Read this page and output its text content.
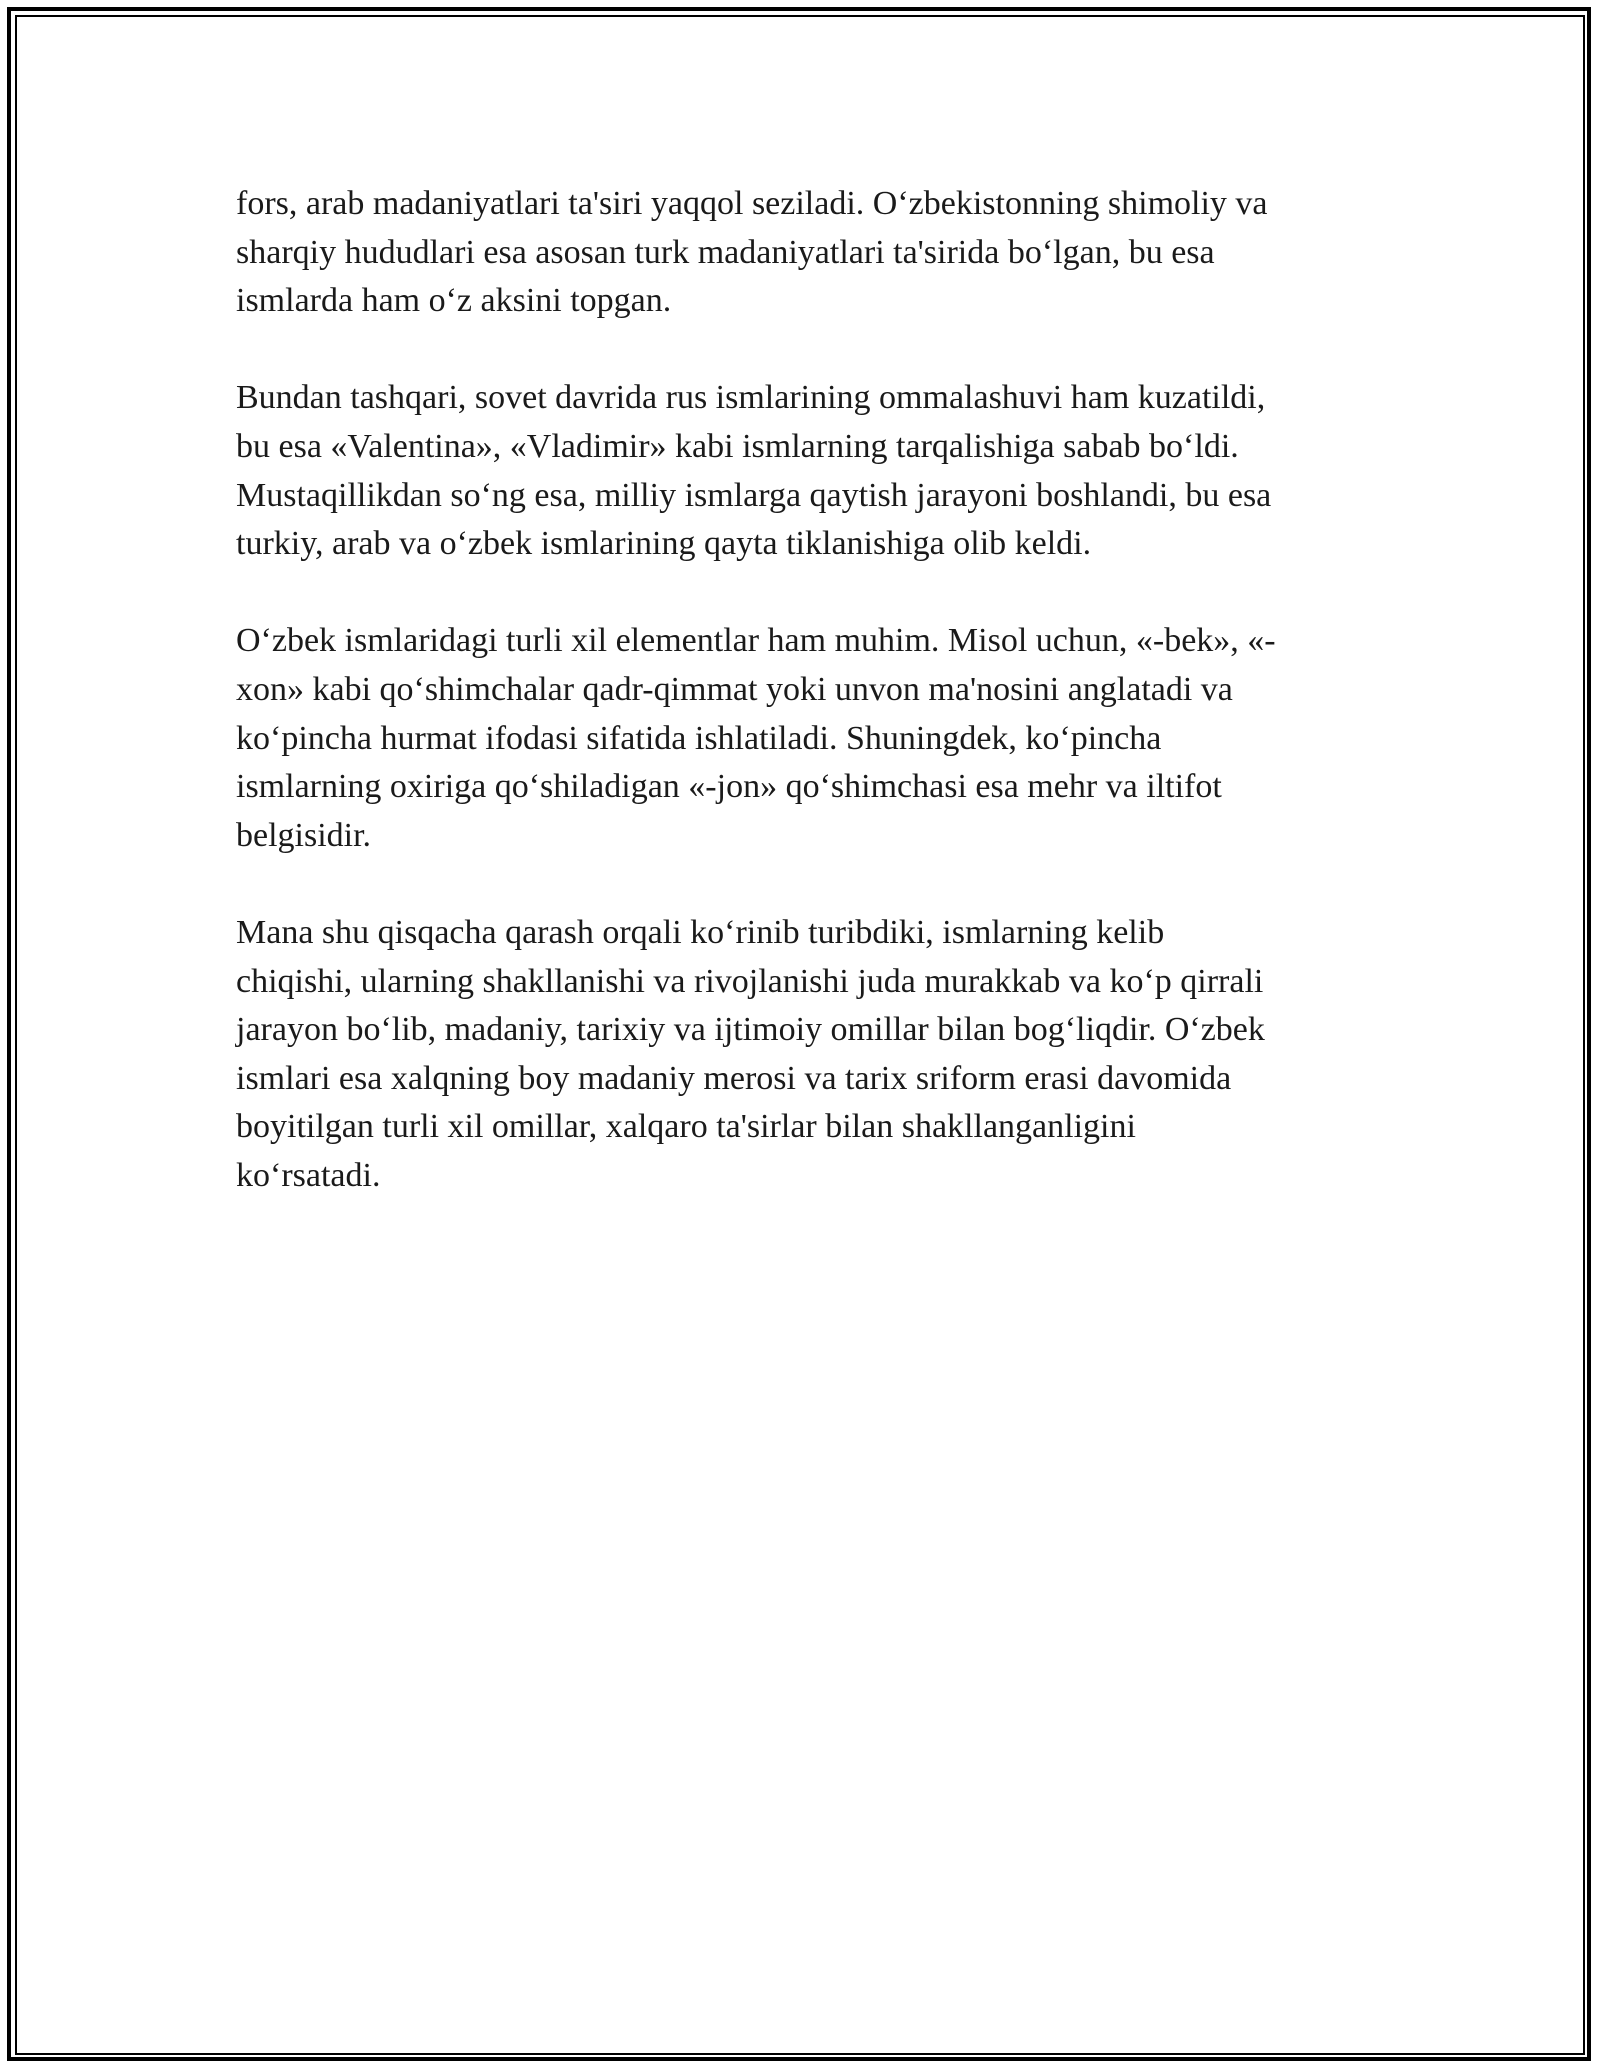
fors, arab madaniyatlari ta'siri yaqqol seziladi. O‘zbekistonning shimoliy va
sharqiy hududlari esa asosan turk madaniyatlari ta'sirida bo‘lgan, bu esa
ismlarda ham o‘z aksini topgan.

Bundan tashqari, sovet davrida rus ismlarining ommalashuvi ham kuzatildi,
bu esa «Valentina», «Vladimir» kabi ismlarning tarqalishiga sabab bo‘ldi.
Mustaqillikdan so‘ng esa, milliy ismlarga qaytish jarayoni boshlandi, bu esa
turkiy, arab va o‘zbek ismlarining qayta tiklanishiga olib keldi.

O‘zbek ismlaridagi turli xil elementlar ham muhim. Misol uchun, «-bek», «-
xon» kabi qo‘shimchalar qadr-qimmat yoki unvon ma'nosini anglatadi va
ko‘pincha hurmat ifodasi sifatida ishlatiladi. Shuningdek, ko‘pincha
ismlarning oxiriga qo‘shiladigan «-jon» qo‘shimchasi esa mehr va iltifot
belgisidir.

Mana shu qisqacha qarash orqali ko‘rinib turibdiki, ismlarning kelib
chiqishi, ularning shakllanishi va rivojlanishi juda murakkab va ko‘p qirrali
jarayon bo‘lib, madaniy, tarixiy va ijtimoiy omillar bilan bog‘liqdir. O‘zbek
ismlari esa xalqning boy madaniy merosi va tarix sriform erasi davomida
boyitilgan turli xil omillar, xalqaro ta'sirlar bilan shakllanganligini
ko‘rsatadi.
